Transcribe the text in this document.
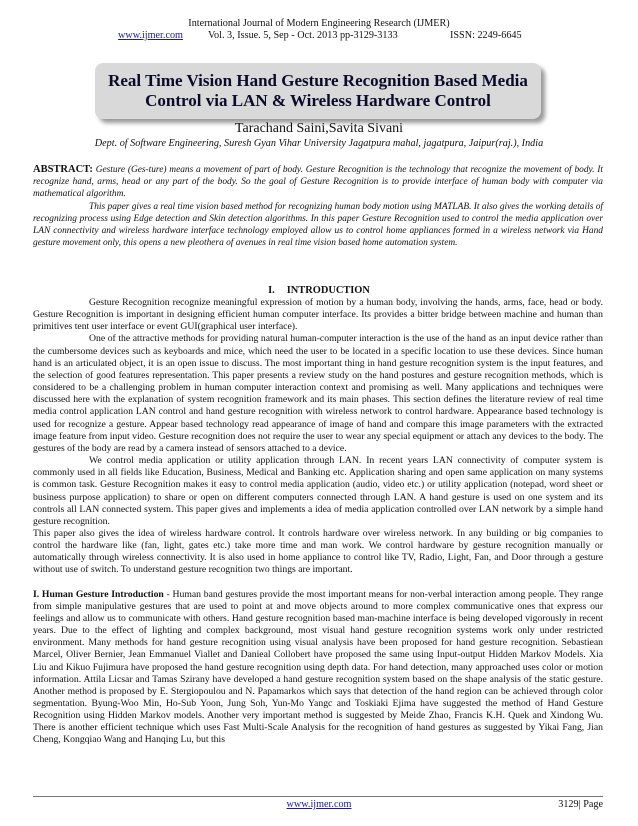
International Journal of Modern Engineering Research (IJMER)
www.ijmer.com Vol. 3, Issue. 5, Sep - Oct. 2013 pp-3129-3133	ISSN: 2249-6645
Real Time Vision Hand Gesture Recognition Based Media
Control via LAN & Wireless Hardware Control
Tarachand Saini,Savita Sivani
Dept. of Software Engineering, Suresh Gyan Vihar University Jagatpura mahal, jagatpura, Jaipur(raj.), India

ABSTRACT: Gesture (Ges-ture) means a movement of part of body. Gesture Recognition is the technology that recognize the movement of body. It recognize hand, arms, head or any part of the body. So the goal of Gesture Recognition is to provide interface of human body with computer via mathematical algorithm.

This paper gives a real time vision based method for recognizing human body motion using MATLAB. It also gives the working details of recognizing process using Edge detection and Skin detection algorithms. In this paper Gesture Recognition used to control the media application over LAN connectivity and wireless hardware interface technology employed allow us to control home appliances formed in a wireless network via Hand gesture movement only, this opens a new pleothera of avenues in real time vision based home automation system.

I. INTRODUCTION

Gesture Recognition recognize meaningful expression of motion by a human body, involving the hands, arms, face, head or body. Gesture Recognition is important in designing efficient human computer interface. Its provides a bitter bridge between machine and human than primitives tent user interface or event GUI(graphical user interface).

One of the attractive methods for providing natural human-computer interaction is the use of the hand as an input device rather than the cumbersome devices such as keyboards and mice, which need the user to be located in a specific location to use these devices. Since human hand is an articulated object, it is an open issue to discuss. The most important thing in hand gesture recognition system is the input features, and the selection of good features representation. This paper presents a review study on the hand postures and gesture recognition methods, which is considered to be a challenging problem in human computer interaction context and promising as well. Many applications and techniques were discussed here with the explanation of system recognition framework and its main phases. This section defines the literature review of real time media control application LAN control and hand gesture recognition with wireless network to control hardware. Appearance based technology is used for recognize a gesture. Appear based technology read appearance of image of hand and compare this image parameters with the extracted image feature from input video. Gesture recognition does not require the user to wear any special equipment or attach any devices to the body. The gestures of the body are read by a camera instead of sensors attached to a device.

We control media application or utility application through LAN. In recent years LAN connectivity of computer system is commonly used in all fields like Education, Business, Medical and Banking etc. Application sharing and open same application on many systems is common task. Gesture Recognition makes it easy to control media application (audio, video etc.) or utility application (notepad, word sheet or business purpose application) to share or open on different computers connected through LAN. A hand gesture is used on one system and its controls all LAN connected system. This paper gives and implements a idea of media application controlled over LAN network by a simple hand gesture recognition.

This paper also gives the idea of wireless hardware control. It controls hardware over wireless network. In any building or big companies to control the hardware like (fan, light, gates etc.) take more time and man work. We control hardware by gesture recognition manually or automatically through wireless connectivity. It is also used in home appliance to control like TV, Radio, Light, Fan, and Door through a gesture without use of switch. To understand gesture recognition two things are important.

I. Human Gesture Introduction - Human band gestures provide the most important means for non-verbal interaction among people. They range from simple manipulative gestures that are used to point at and move objects around to more complex communicative ones that express our feelings and allow us to communicate with others. Hand gesture recognition based man-machine interface is being developed vigorously in recent years. Due to the effect of lighting and complex background, most visual hand gesture recognition systems work only under restricted environment. Many methods for hand gesture recognition using visual analysis have been proposed for hand gesture recognition. Sebastiean Marcel, Oliver Bernier, Jean Emmanuel Viallet and Danieal Collobert have proposed the same using Input-output Hidden Markov Models. Xia Liu and Kikuo Fujimura have proposed the hand gesture recognition using depth data. For hand detection, many approached uses color or motion information. Attila Licsar and Tamas Szirany have developed a hand gesture recognition system based on the shape analysis of the static gesture. Another method is proposed by E. Stergiopoulou and N. Papamarkos which says that detection of the hand region can be achieved through color segmentation. Byung-Woo Min, Ho-Sub Yoon, Jung Soh, Yun-Mo Yangc and Toskiaki Ejima have suggested the method of Hand Gesture Recognition using Hidden Markov models. Another very important method is suggested by Meide Zhao, Francis K.H. Quek and Xindong Wu. There is another efficient technique which uses Fast Multi-Scale Analysis for the recognition of hand gestures as suggested by Yikai Fang, Jian Cheng, Kongqiao Wang and Hanqing Lu, but this

www.ijmer.com	3129| Page
